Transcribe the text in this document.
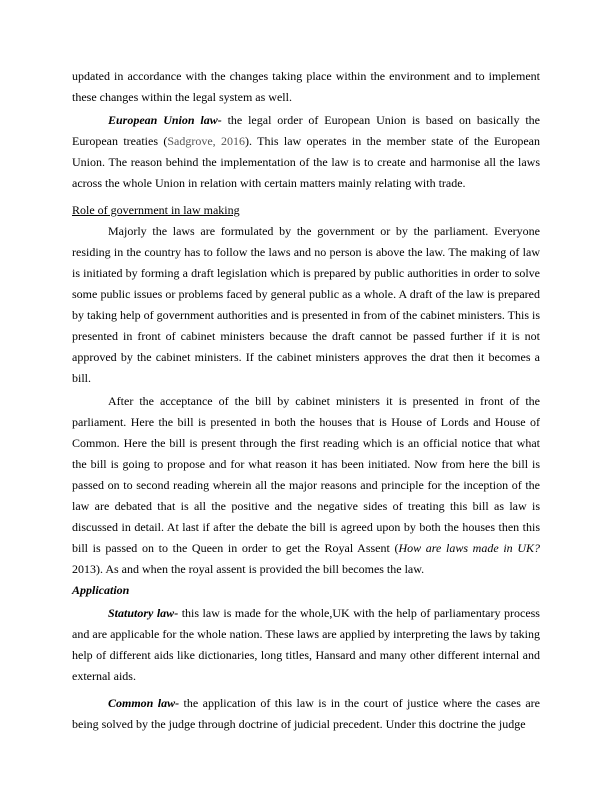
updated in accordance with the changes taking place within the environment and to implement these changes within the legal system as well.

European Union law- the legal order of European Union is based on basically the European treaties (Sadgrove, 2016). This law operates in the member state of the European Union. The reason behind the implementation of the law is to create and harmonise all the laws across the whole Union in relation with certain matters mainly relating with trade.

Role of government in law making

Majorly the laws are formulated by the government or by the parliament. Everyone residing in the country has to follow the laws and no person is above the law. The making of law is initiated by forming a draft legislation which is prepared by public authorities in order to solve some public issues or problems faced by general public as a whole. A draft of the law is prepared by taking help of government authorities and is presented in from of the cabinet ministers. This is presented in front of cabinet ministers because the draft cannot be passed further if it is not approved by the cabinet ministers. If the cabinet ministers approves the drat then it becomes a bill.

After the acceptance of the bill by cabinet ministers it is presented in front of the parliament. Here the bill is presented in both the houses that is House of Lords and House of Common. Here the bill is present through the first reading which is an official notice that what the bill is going to propose and for what reason it has been initiated. Now from here the bill is passed on to second reading wherein all the major reasons and principle for the inception of the law are debated that is all the positive and the negative sides of treating this bill as law is discussed in detail. At last if after the debate the bill is agreed upon by both the houses then this bill is passed on to the Queen in order to get the Royal Assent (How are laws made in UK? 2013). As and when the royal assent is provided the bill becomes the law.

Application

Statutory law- this law is made for the whole,UK with the help of parliamentary process and are applicable for the whole nation. These laws are applied by interpreting the laws by taking help of different aids like dictionaries, long titles, Hansard and many other different internal and external aids.

Common law- the application of this law is in the court of justice where the cases are being solved by the judge through doctrine of judicial precedent. Under this doctrine the judge
